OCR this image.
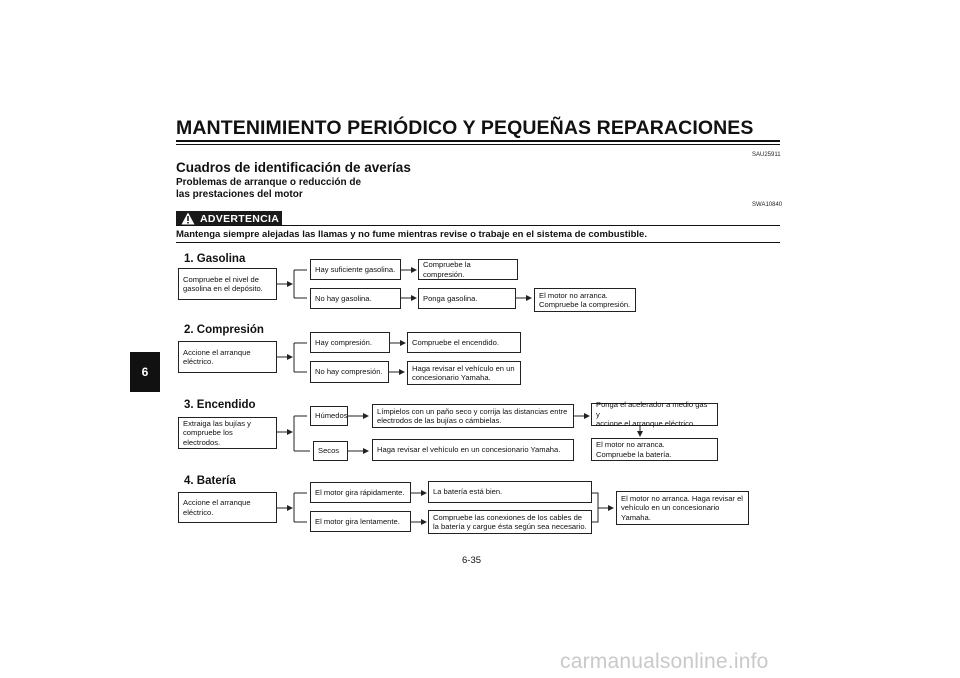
MANTENIMIENTO PERIÓDICO Y PEQUEÑAS REPARACIONES
SAU25911
Cuadros de identificación de averías
Problemas de arranque o reducción de
las prestaciones del motor
SWA10840
ADVERTENCIA
Mantenga siempre alejadas las llamas y no fume mientras revise o trabaje en el sistema de combustible.
6
1. Gasolina
Compruebe el nivel de
gasolina en el depósito.
Hay suficiente gasolina.
Compruebe la compresión.
No hay gasolina.	Ponga gasolina.	El motor no arranca.
Compruebe la compresión.
2. Compresión
Accione el arranque
eléctrico.
Hay compresión.	Compruebe el encendido.
No hay compresión.	Haga revisar el vehículo en un
concesionario Yamaha.
3. Encendido
Extraiga las bujías y
compruebe los electrodos.
Húmedos
Límpielos con un paño seco y corrija las distancias entre
electrodos de las bujías o cámbielas.
Ponga el acelerador a medio gas y
accione el arranque eléctrico.
El motor no arranca.
Compruebe la batería.
Secos	Haga revisar el vehículo en un concesionario Yamaha.
4. Batería
Accione el arranque
eléctrico.
El motor gira rápidamente.	La batería está bien.
El motor gira lentamente.	Compruebe las conexiones de los cables de
la batería y cargue ésta según sea necesario.
El motor no arranca. Haga revisar el
vehículo en un concesionario
Yamaha.
6-35
carmanualsonline.info
